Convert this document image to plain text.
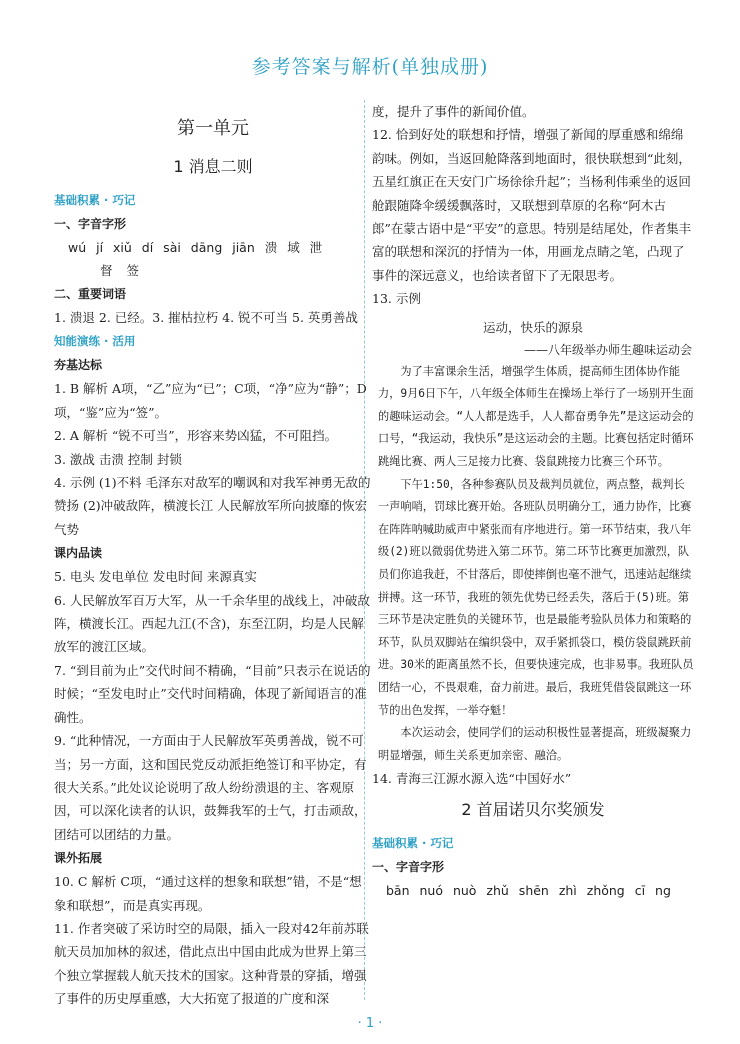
参考答案与解析(单独成册)

第一单元

1 消息二则

基础积累 · 巧记

一、字音字形

wú jí xiǔ dí sài dāng jiān 溃 域 泄

督 签

二、重要词语

1. 溃退 2. 已经。3. 摧枯拉朽 4. 锐不可当 5. 英勇善战

知能演练 · 活用

夯基达标

1. B 解析 A项，“乙”应为“已”；C项，“净”应为“静”；D项，“鉴”应为“签”。

2. A 解析 “锐不可当”，形容来势凶猛，不可阻挡。

3. 激战 击溃 控制 封锁

4. 示例 (1)不料 毛泽东对敌军的嘲讽和对我军神勇无敌的赞扬 (2)冲破敌阵，横渡长江 人民解放军所向披靡的恢宏气势

课内品读

5. 电头 发电单位 发电时间 来源真实

6. 人民解放军百万大军，从一千余华里的战线上，冲破敌阵，横渡长江。西起九江(不含)，东至江阴，均是人民解放军的渡江区域。

7. “到目前为止”交代时间不精确，“目前”只表示在说话的时候；“至发电时止”交代时间精确，体现了新闻语言的准确性。

9. “此种情况，一方面由于人民解放军英勇善战，锐不可当；另一方面，这和国民党反动派拒绝签订和平协定，有很大关系。”此处议论说明了敌人纷纷溃退的主、客观原因，可以深化读者的认识，鼓舞我军的士气，打击顽敌，团结可以团结的力量。

课外拓展

10. C 解析 C项，“通过这样的想象和联想”错，不是“想象和联想”，而是真实再现。

11. 作者突破了采访时空的局限，插入一段对42年前苏联航天员加加林的叙述，借此点出中国由此成为世界上第三个独立掌握载人航天技术的国家。这种背景的穿插，增强了事件的历史厚重感，大大拓宽了报道的广度和深

度，提升了事件的新闻价值。

12. 恰到好处的联想和抒情，增强了新闻的厚重感和绵绵韵味。例如，当返回舱降落到地面时，很快联想到“此刻，五星红旗正在天安门广场徐徐升起”；当杨利伟乘坐的返回舱跟随降伞缓缓飘落时，又联想到草原的名称“阿木古郎”在蒙古语中是“平安”的意思。特别是结尾处，作者集丰富的联想和深沉的抒情为一体，用画龙点睛之笔，凸现了事件的深远意义，也给读者留下了无限思考。

13. 示例

运动，快乐的源泉

——八年级举办师生趣味运动会

为了丰富课余生活，增强学生体质，提高师生团体协作能力，9月6日下午，八年级全体师生在操场上举行了一场别开生面的趣味运动会。“人人都是选手，人人都奋勇争先”是这运动会的口号，“我运动，我快乐”是这运动会的主题。比赛包括定时循环跳绳比赛、两人三足接力比赛、袋鼠跳接力比赛三个环节。

下午1:50，各种参赛队员及裁判员就位，两点整，裁判长一声响哨，罚球比赛开始。各班队员明确分工，通力协作，比赛在阵阵呐喊助威声中紧张而有序地进行。第一环节结束，我八年级(2)班以微弱优势进入第二环节。第二环节比赛更加激烈，队员们你追我赶，不甘落后，即使摔倒也毫不泄气，迅速站起继续拼搏。这一环节，我班的领先优势已经丢失，落后于(5)班。第三环节是决定胜负的关键环节，也是最能考验队员体力和策略的环节，队员双脚站在编织袋中，双手紧抓袋口，模仿袋鼠跳跃前进。30米的距离虽然不长，但要快速完成，也非易事。我班队员团结一心，不畏艰难，奋力前进。最后，我班凭借袋鼠跳这一环节的出色发挥，一举夺魁！

本次运动会，使同学们的运动积极性显著提高，班级凝聚力明显增强，师生关系更加亲密、融洽。

14. 青海三江源水源入选“中国好水”

2 首届诺贝尔奖颁发

基础积累 · 巧记

一、字音字形

bān nuó nuò zhǔ shēn zhì zhǒng cī ng

· 1 ·
